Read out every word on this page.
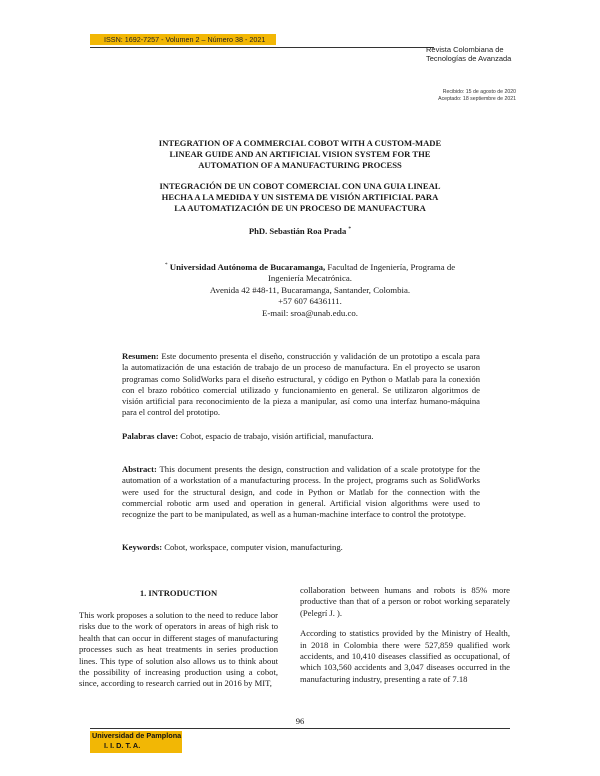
ISSN: 1692-7257 - Volumen 2 – Número 38 - 2021
Revista Colombiana de
Tecnologías de Avanzada
Recibido: 15 de agosto de 2020
Aceptado: 18 septiembre de 2021
INTEGRATION OF A COMMERCIAL COBOT WITH A CUSTOM-MADE
LINEAR GUIDE AND AN ARTIFICIAL VISION SYSTEM FOR THE
AUTOMATION OF A MANUFACTURING PROCESS
INTEGRACIÓN DE UN COBOT COMERCIAL CON UNA GUIA LINEAL
HECHA A LA MEDIDA Y UN SISTEMA DE VISIÓN ARTIFICIAL PARA
LA AUTOMATIZACIÓN DE UN PROCESO DE MANUFACTURA
PhD. Sebastián Roa Prada *
* Universidad Autónoma de Bucaramanga, Facultad de Ingeniería, Programa de
Ingeniería Mecatrónica.
Avenida 42 #48-11, Bucaramanga, Santander, Colombia.
+57 607 6436111.
E-mail: sroa@unab.edu.co.
Resumen: Este documento presenta el diseño, construcción y validación de un prototipo a escala para la automatización de una estación de trabajo de un proceso de manufactura. En el proyecto se usaron programas como SolidWorks para el diseño estructural, y código en Python o Matlab para la conexión con el brazo robótico comercial utilizado y funcionamiento en general. Se utilizaron algoritmos de visión artificial para reconocimiento de la pieza a manipular, así como una interfaz humano-máquina para el control del prototipo.
Palabras clave: Cobot, espacio de trabajo, visión artificial, manufactura.
Abstract: This document presents the design, construction and validation of a scale prototype for the automation of a workstation of a manufacturing process. In the project, programs such as SolidWorks were used for the structural design, and code in Python or Matlab for the connection with the commercial robotic arm used and operation in general. Artificial vision algorithms were used to recognize the part to be manipulated, as well as a human-machine interface to control the prototype.
Keywords: Cobot, workspace, computer vision, manufacturing.
1. INTRODUCTION

This work proposes a solution to the need to reduce labor risks due to the work of operators in areas of high risk to health that can occur in different stages of manufacturing processes such as heat treatments in series production lines. This type of solution also allows us to think about the possibility of increasing production using a cobot, since, according to research carried out in 2016 by MIT,

collaboration between humans and robots is 85% more productive than that of a person or robot working separately (Pelegrí J. ).

According to statistics provided by the Ministry of Health, in 2018 in Colombia there were 527,859 qualified work accidents, and 10,410 diseases classified as occupational, of which 103,560 accidents and 3,047 diseases occurred in the manufacturing industry, presenting a rate of 7.18

96
Universidad de Pamplona
I. I. D. T. A.
